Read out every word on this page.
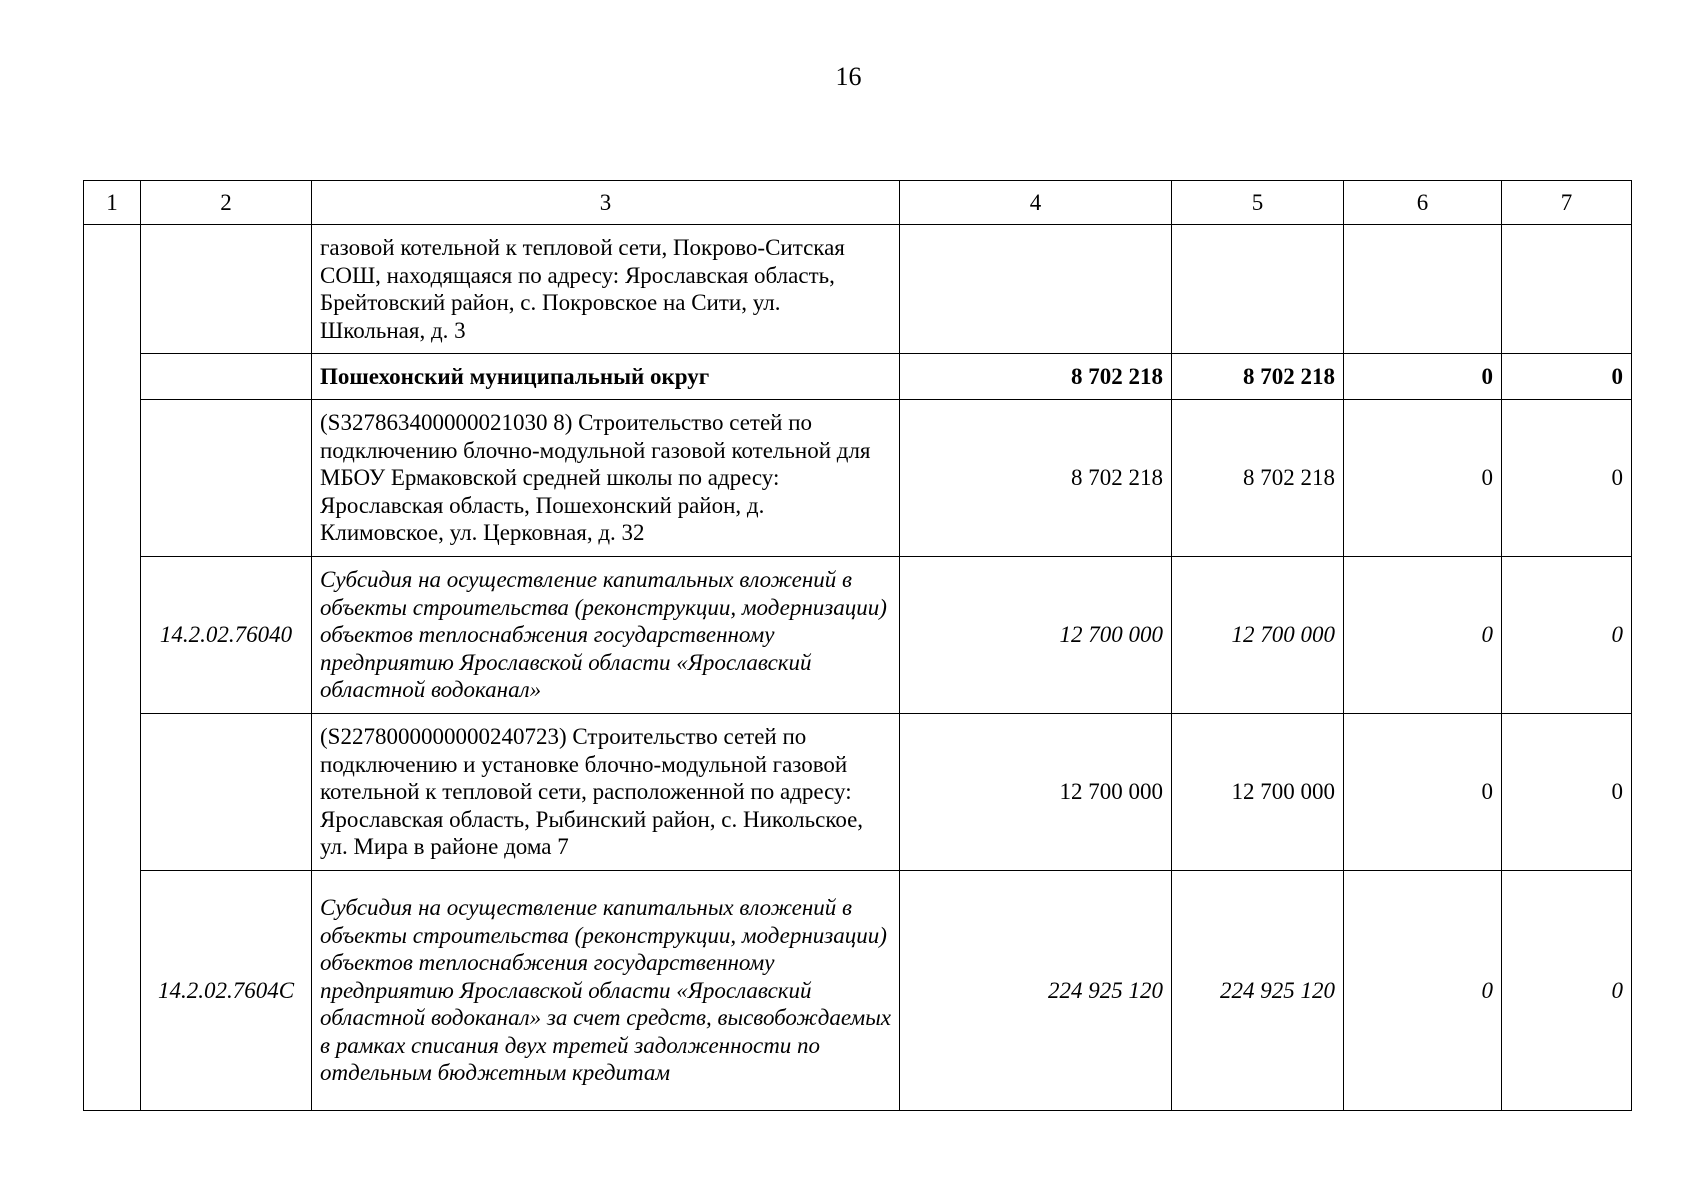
16
1	2	3	4	5	6	7
		газовой котельной к тепловой сети, Покрово-Ситская СОШ, находящаяся по адресу: Ярославская область, Брейтовский район, с. Покровское на Сити, ул. Школьная, д. 3				
		Пошехонский муниципальный округ	8 702 218	8 702 218	0	0
		(S327863400000021030 8) Строительство сетей по подключению блочно-модульной газовой котельной для МБОУ Ермаковской средней школы по адресу: Ярославская область, Пошехонский район, д. Климовское, ул. Церковная, д. 32	8 702 218	8 702 218	0	0
	14.2.02.76040	Субсидия на осуществление капитальных вложений в объекты строительства (реконструкции, модернизации) объектов теплоснабжения государственному предприятию Ярославской области «Ярославский областной водоканал»	12 700 000	12 700 000	0	0
		(S2278000000000240723) Строительство сетей по подключению и установке блочно-модульной газовой котельной к тепловой сети, расположенной по адресу: Ярославская область, Рыбинский район, с. Никольское, ул. Мира в районе дома 7	12 700 000	12 700 000	0	0
	14.2.02.7604С	Субсидия на осуществление капитальных вложений в объекты строительства (реконструкции, модернизации) объектов теплоснабжения государственному предприятию Ярославской области «Ярославский областной водоканал» за счет средств, высвобождаемых в рамках списания двух третей задолженности по отдельным бюджетным кредитам	224 925 120	224 925 120	0	0
